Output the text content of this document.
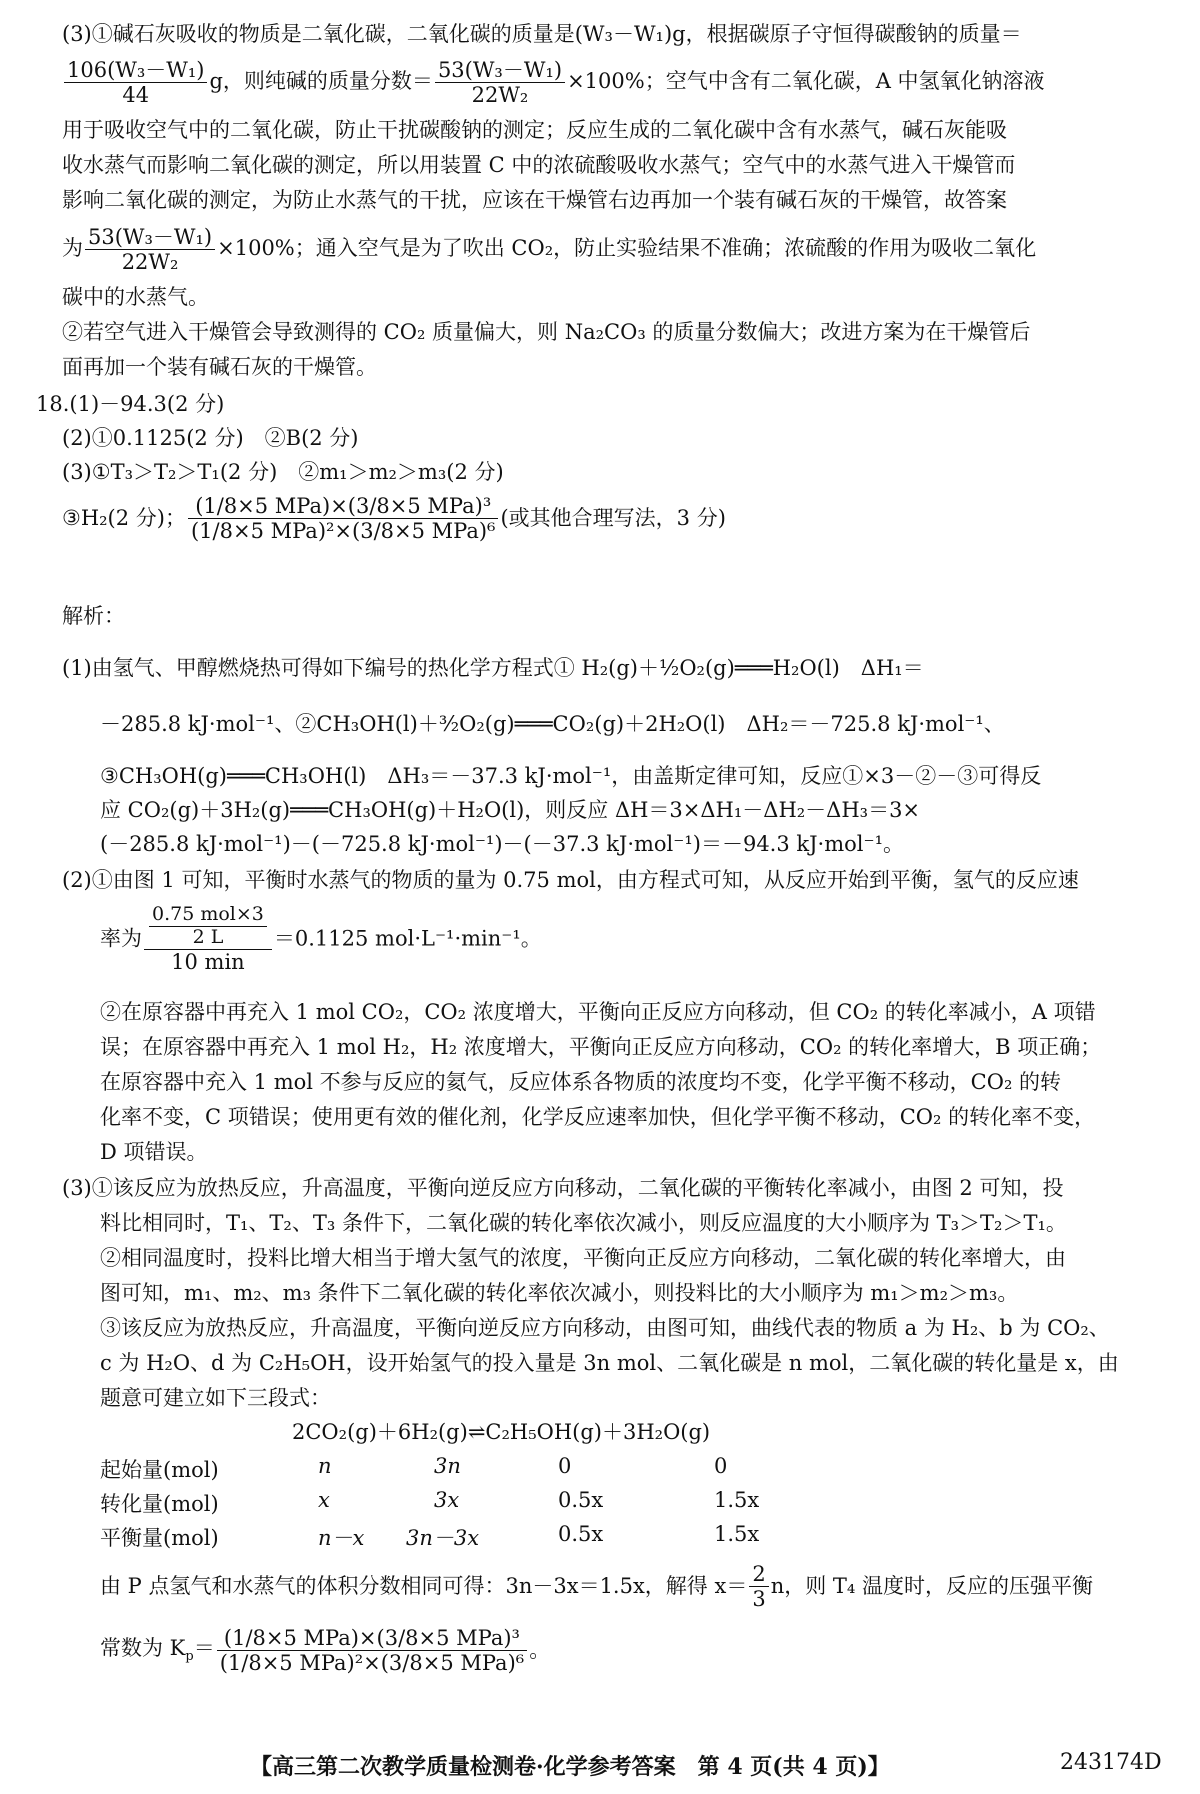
(3)①碱石灰吸收的物质是二氧化碳，二氧化碳的质量是(W₃－W₁)g，根据碳原子守恒得碳酸钠的质量＝
$\frac{\text{106(W₃－W₁)}}{44}$ g，则纯碱的质量分数＝ $\frac{\text{53(W₃－W₁)}}{\text{22W₂}} \times 100\%$；空气中含有二氧化碳，A 中氢氧化钠溶液
用于吸收空气中的二氧化碳，防止干扰碳酸钠的测定；反应生成的二氧化碳中含有水蒸气，碱石灰能吸
收水蒸气而影响二氧化碳的测定，所以用装置 C 中的浓硫酸吸收水蒸气；空气中的水蒸气进入干燥管而
影响二氧化碳的测定，为防止水蒸气的干扰，应该在干燥管右边再加一个装有碱石灰的干燥管，故答案
为 $\frac{\text{53(W₃－W₁)}}{\text{22W₂}} \times 100\%$；通入空气是为了吹出 CO₂，防止实验结果不准确；浓硫酸的作用为吸收二氧化
碳中的水蒸气。
②若空气进入干燥管会导致测得的 CO₂ 质量偏大，则 Na₂CO₃ 的质量分数偏大；改进方案为在干燥管后
面再加一个装有碱石灰的干燥管。
18.(1)－94.3(2 分)
(2)①0.1125(2 分)　②B(2 分)
(3)①T₃＞T₂＞T₁(2 分)　②m₁＞m₂＞m₃(2 分)
③H₂(2 分)； $\frac{\text{(1/8×5 MPa)×(3/8×5 MPa)³}}{\text{(1/8×5 MPa)²×(3/8×5 MPa)⁶}}$ (或其他合理写法，3 分)
解析：
(1)由氢气、甲醇燃烧热可得如下编号的热化学方程式① H₂(g)＋½O₂(g)═══H₂O(l)　ΔH₁＝
－285.8 kJ·mol⁻¹、②CH₃OH(l)＋³⁄₂O₂(g)═══CO₂(g)＋2H₂O(l)　ΔH₂＝－725.8 kJ·mol⁻¹、
③CH₃OH(g)═══CH₃OH(l)　ΔH₃＝－37.3 kJ·mol⁻¹，由盖斯定律可知，反应①×3－②－③可得反
应 CO₂(g)＋3H₂(g)═══CH₃OH(g)＋H₂O(l)，则反应 ΔH＝3×ΔH₁－ΔH₂－ΔH₃＝3×
(－285.8 kJ·mol⁻¹)－(－725.8 kJ·mol⁻¹)－(－37.3 kJ·mol⁻¹)＝－94.3 kJ·mol⁻¹。
(2)①由图 1 可知，平衡时水蒸气的物质的量为 0.75 mol，由方程式可知，从反应开始到平衡，氢气的反应速
率为 $\frac{\frac{\text{0.75 mol×3}}{2 L}}{10 \min} =0.1125$ mol·L⁻¹·min⁻¹。
②在原容器中再充入 1 mol CO₂，CO₂ 浓度增大，平衡向正反应方向移动，但 CO₂ 的转化率减小，A 项错
误；在原容器中再充入 1 mol H₂，H₂ 浓度增大，平衡向正反应方向移动，CO₂ 的转化率增大，B 项正确；
在原容器中充入 1 mol 不参与反应的氦气，反应体系各物质的浓度均不变，化学平衡不移动，CO₂ 的转
化率不变，C 项错误；使用更有效的催化剂，化学反应速率加快，但化学平衡不移动，CO₂ 的转化率不变，
D 项错误。
(3)①该反应为放热反应，升高温度，平衡向逆反应方向移动，二氧化碳的平衡转化率减小，由图 2 可知，投
料比相同时，T₁、T₂、T₃ 条件下，二氧化碳的转化率依次减小，则反应温度的大小顺序为 T₃＞T₂＞T₁。
②相同温度时，投料比增大相当于增大氢气的浓度，平衡向正反应方向移动，二氧化碳的转化率增大，由
图可知，m₁、m₂、m₃ 条件下二氧化碳的转化率依次减小，则投料比的大小顺序为 m₁＞m₂＞m₃。
③该反应为放热反应，升高温度，平衡向逆反应方向移动，由图可知，曲线代表的物质 a 为 H₂、b 为 CO₂、
c 为 H₂O、d 为 C₂H₅OH，设开始氢气的投入量是 3n mol、二氧化碳是 n mol，二氧化碳的转化量是 x，由
题意可建立如下三段式：
2CO₂(g)＋6H₂(g)⇌C₂H₅OH(g)＋3H₂O(g)
起始量(mol)	n	3n	0	0
转化量(mol)	x	3x	0.5x	1.5x
平衡量(mol)	n－x 3n－3x	0.5x	1.5x
由 P 点氢气和水蒸气的体积分数相同可得：3n－3x＝1.5x，解得 $x= \frac{2}{3}$ n，则 T₄ 温度时，反应的压强平衡
常数为 $K_p= \frac{\text{(1/8×5 MPa)×(3/8×5 MPa)³}}{\text{(1/8×5 MPa)²×(3/8×5 MPa)⁶}}$ 。
【高三第二次教学质量检测卷·化学参考答案　第 4 页(共 4 页)】	243174D
